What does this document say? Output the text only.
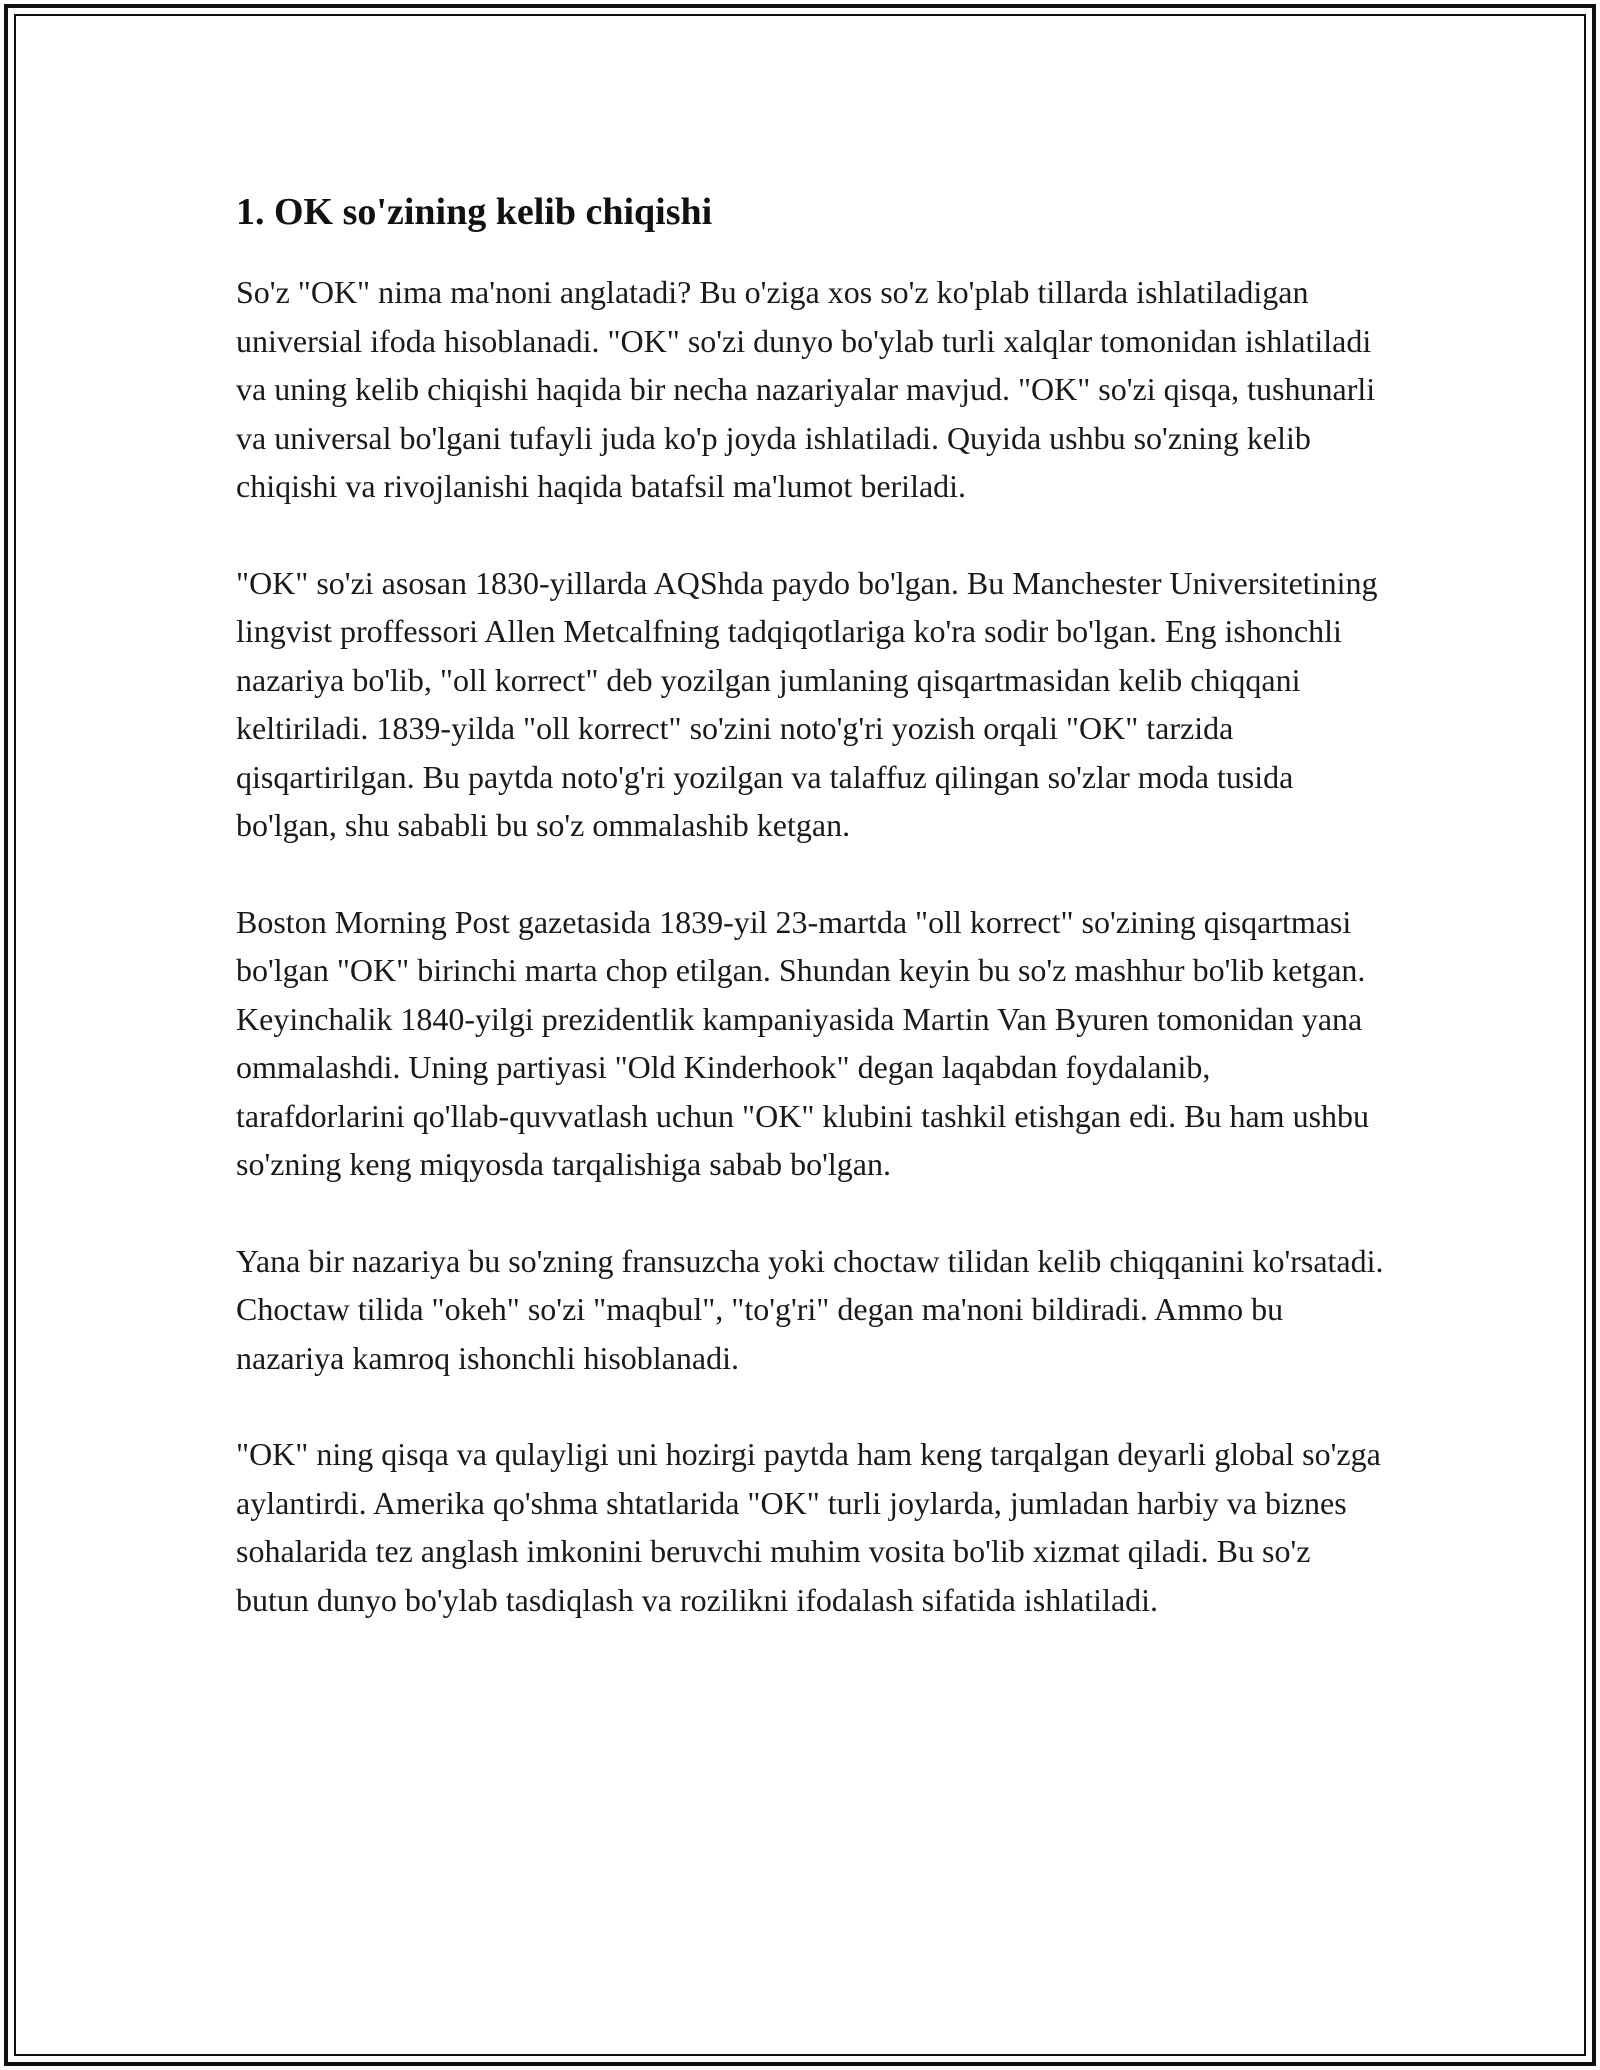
1. OK so'zining kelib chiqishi

So'z "OK" nima ma'noni anglatadi? Bu o'ziga xos so'z ko'plab tillarda ishlatiladigan universial ifoda hisoblanadi. "OK" so'zi dunyo bo'ylab turli xalqlar tomonidan ishlatiladi va uning kelib chiqishi haqida bir necha nazariyalar mavjud. "OK" so'zi qisqa, tushunarli va universal bo'lgani tufayli juda ko'p joyda ishlatiladi. Quyida ushbu so'zning kelib chiqishi va rivojlanishi haqida batafsil ma'lumot beriladi.

"OK" so'zi asosan 1830-yillarda AQShda paydo bo'lgan. Bu Manchester Universitetining lingvist proffessori Allen Metcalfning tadqiqotlariga ko'ra sodir bo'lgan. Eng ishonchli nazariya bo'lib, "oll korrect" deb yozilgan jumlaning qisqartmasidan kelib chiqqani keltiriladi. 1839-yilda "oll korrect" so'zini noto'g'ri yozish orqali "OK" tarzida qisqartirilgan. Bu paytda noto'g'ri yozilgan va talaffuz qilingan so'zlar moda tusida bo'lgan, shu sababli bu so'z ommalashib ketgan.

Boston Morning Post gazetasida 1839-yil 23-martda "oll korrect" so'zining qisqartmasi bo'lgan "OK" birinchi marta chop etilgan. Shundan keyin bu so'z mashhur bo'lib ketgan. Keyinchalik 1840-yilgi prezidentlik kampaniyasida Martin Van Byuren tomonidan yana ommalashdi. Uning partiyasi "Old Kinderhook" degan laqabdan foydalanib, tarafdorlarini qo'llab-quvvatlash uchun "OK" klubini tashkil etishgan edi. Bu ham ushbu so'zning keng miqyosda tarqalishiga sabab bo'lgan.

Yana bir nazariya bu so'zning fransuzcha yoki choctaw tilidan kelib chiqqanini ko'rsatadi. Choctaw tilida "okeh" so'zi "maqbul", "to'g'ri" degan ma'noni bildiradi. Ammo bu nazariya kamroq ishonchli hisoblanadi.

"OK" ning qisqa va qulayligi uni hozirgi paytda ham keng tarqalgan deyarli global so'zga aylantirdi. Amerika qo'shma shtatlarida "OK" turli joylarda, jumladan harbiy va biznes sohalarida tez anglash imkonini beruvchi muhim vosita bo'lib xizmat qiladi. Bu so'z butun dunyo bo'ylab tasdiqlash va rozilikni ifodalash sifatida ishlatiladi.
